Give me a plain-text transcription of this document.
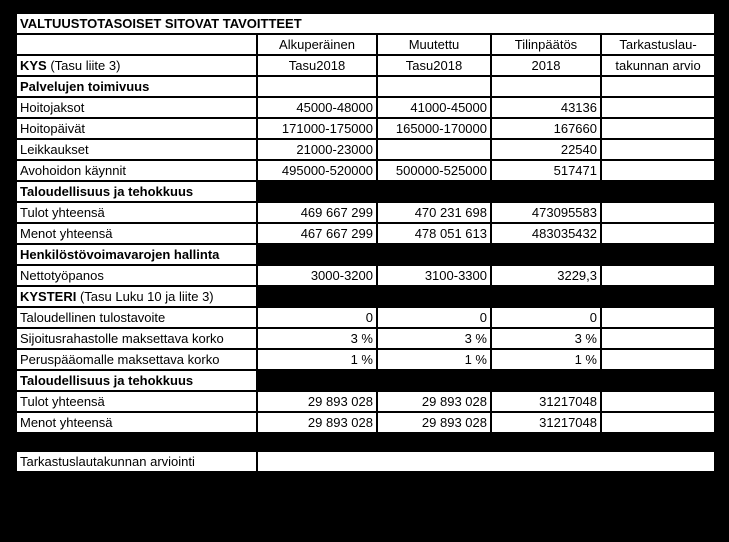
VALTUUSTOTASOISET SITOVAT TAVOITTEET				
	Alkuperäinen	Muutettu	Tilinpäätös	Tarkastuslau-
KYS (Tasu liite 3)	Tasu2018	Tasu2018	2018	takunnan arvio
Palvelujen toimivuus				
Hoitojaksot	45000-48000	41000-45000	43136	
Hoitopäivät	171000-175000	165000-170000	167660	
Leikkaukset	21000-23000		22540	
Avohoidon käynnit	495000-520000	500000-525000	517471	
Taloudellisuus ja tehokkuus				
Tulot yhteensä	469 667 299	470 231 698	473095583	
Menot yhteensä	467 667 299	478 051 613	483035432	
Henkilöstövoimavarojen hallinta				
Nettotyöpanos	3000-3200	3100-3300	3229,3	
KYSTERI (Tasu Luku 10 ja liite 3)				
Taloudellinen tulostavoite	0	0	0	
Sijoitusrahastolle maksettava korko	3 %	3 %	3 %	
Peruspääomalle maksettava korko	1 %	1 %	1 %	
Taloudellisuus ja tehokkuus				
Tulot yhteensä	29 893 028	29 893 028	31217048	
Menot yhteensä	29 893 028	29 893 028	31217048	

Tarkastuslautakunnan arviointi				
